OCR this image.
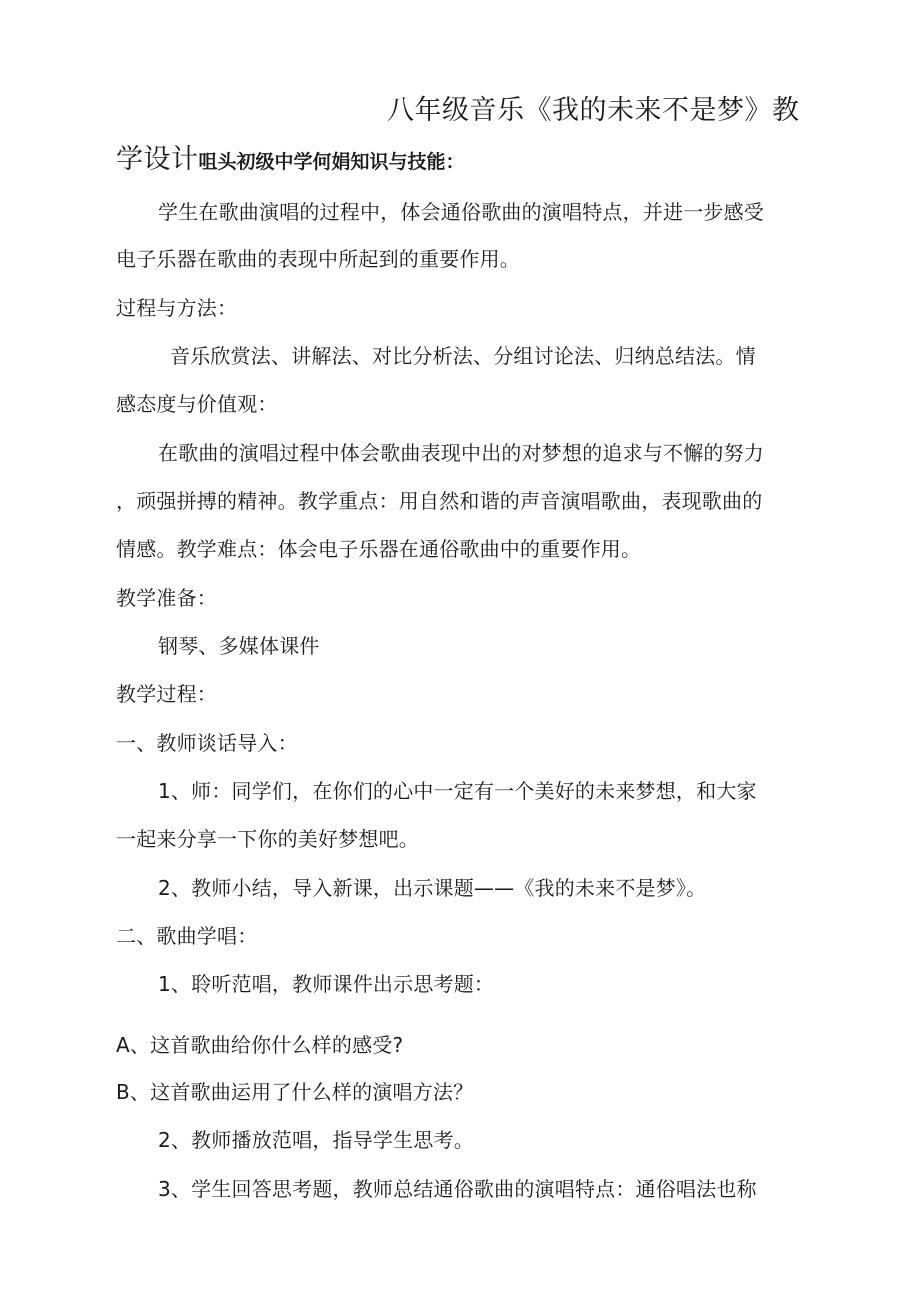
八年级音乐《我的未来不是梦》教
学设计咀头初级中学何娟知识与技能：
学生在歌曲演唱的过程中，体会通俗歌曲的演唱特点，并进一步感受
电子乐器在歌曲的表现中所起到的重要作用。
过程与方法：
音乐欣赏法、讲解法、对比分析法、分组讨论法、归纳总结法。情
感态度与价值观：
在歌曲的演唱过程中体会歌曲表现中出的对梦想的追求与不懈的努力
，顽强拼搏的精神。教学重点：用自然和谐的声音演唱歌曲，表现歌曲的
情感。教学难点：体会电子乐器在通俗歌曲中的重要作用。
教学准备：
钢琴、多媒体课件
教学过程：
一、教师谈话导入：
1、师：同学们，在你们的心中一定有一个美好的未来梦想，和大家
一起来分享一下你的美好梦想吧。
2、教师小结，导入新课，出示课题——《我的未来不是梦》。
二、歌曲学唱：
1、聆听范唱，教师课件出示思考题：
A、这首歌曲给你什么样的感受?
B、这首歌曲运用了什么样的演唱方法？
2、教师播放范唱，指导学生思考。
3、学生回答思考题，教师总结通俗歌曲的演唱特点：通俗唱法也称
